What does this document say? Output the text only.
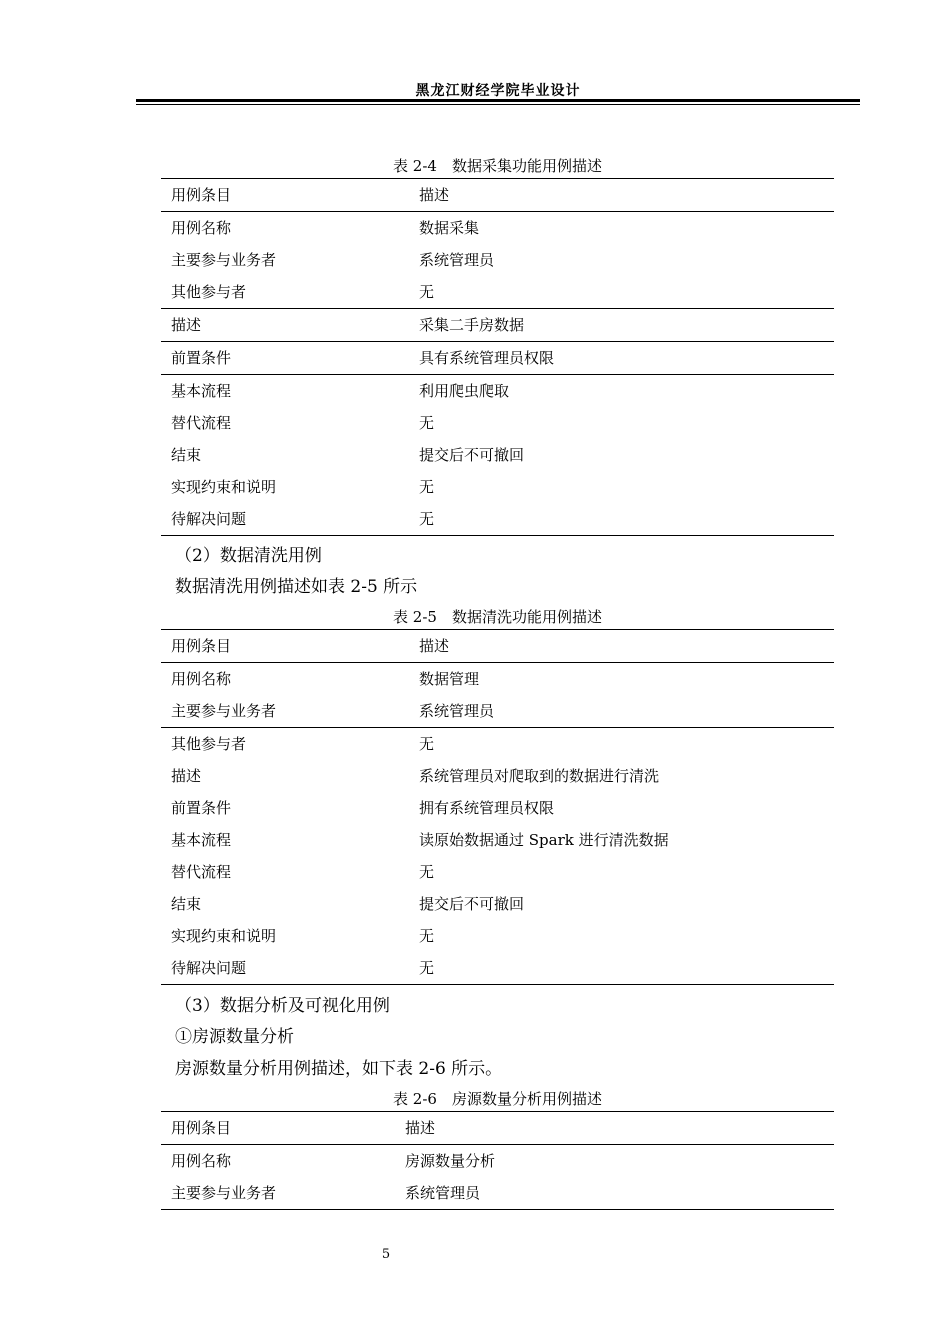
黑龙江财经学院毕业设计
表 2-4　数据采集功能用例描述
用例条目	描述
用例名称	数据采集
主要参与业务者	系统管理员
其他参与者	无
描述	采集二手房数据
前置条件	具有系统管理员权限
基本流程	利用爬虫爬取
替代流程	无
结束	提交后不可撤回
实现约束和说明	无
待解决问题	无
（2）数据清洗用例
数据清洗用例描述如表 2-5 所示
表 2-5　数据清洗功能用例描述
用例条目	描述
用例名称	数据管理
主要参与业务者	系统管理员
其他参与者	无
描述	系统管理员对爬取到的数据进行清洗
前置条件	拥有系统管理员权限
基本流程	读原始数据通过 Spark 进行清洗数据
替代流程	无
结束	提交后不可撤回
实现约束和说明	无
待解决问题	无
（3）数据分析及可视化用例
①房源数量分析
房源数量分析用例描述，如下表 2-6 所示。
表 2-6　房源数量分析用例描述
用例条目	描述
用例名称	房源数量分析
主要参与业务者	系统管理员
5
